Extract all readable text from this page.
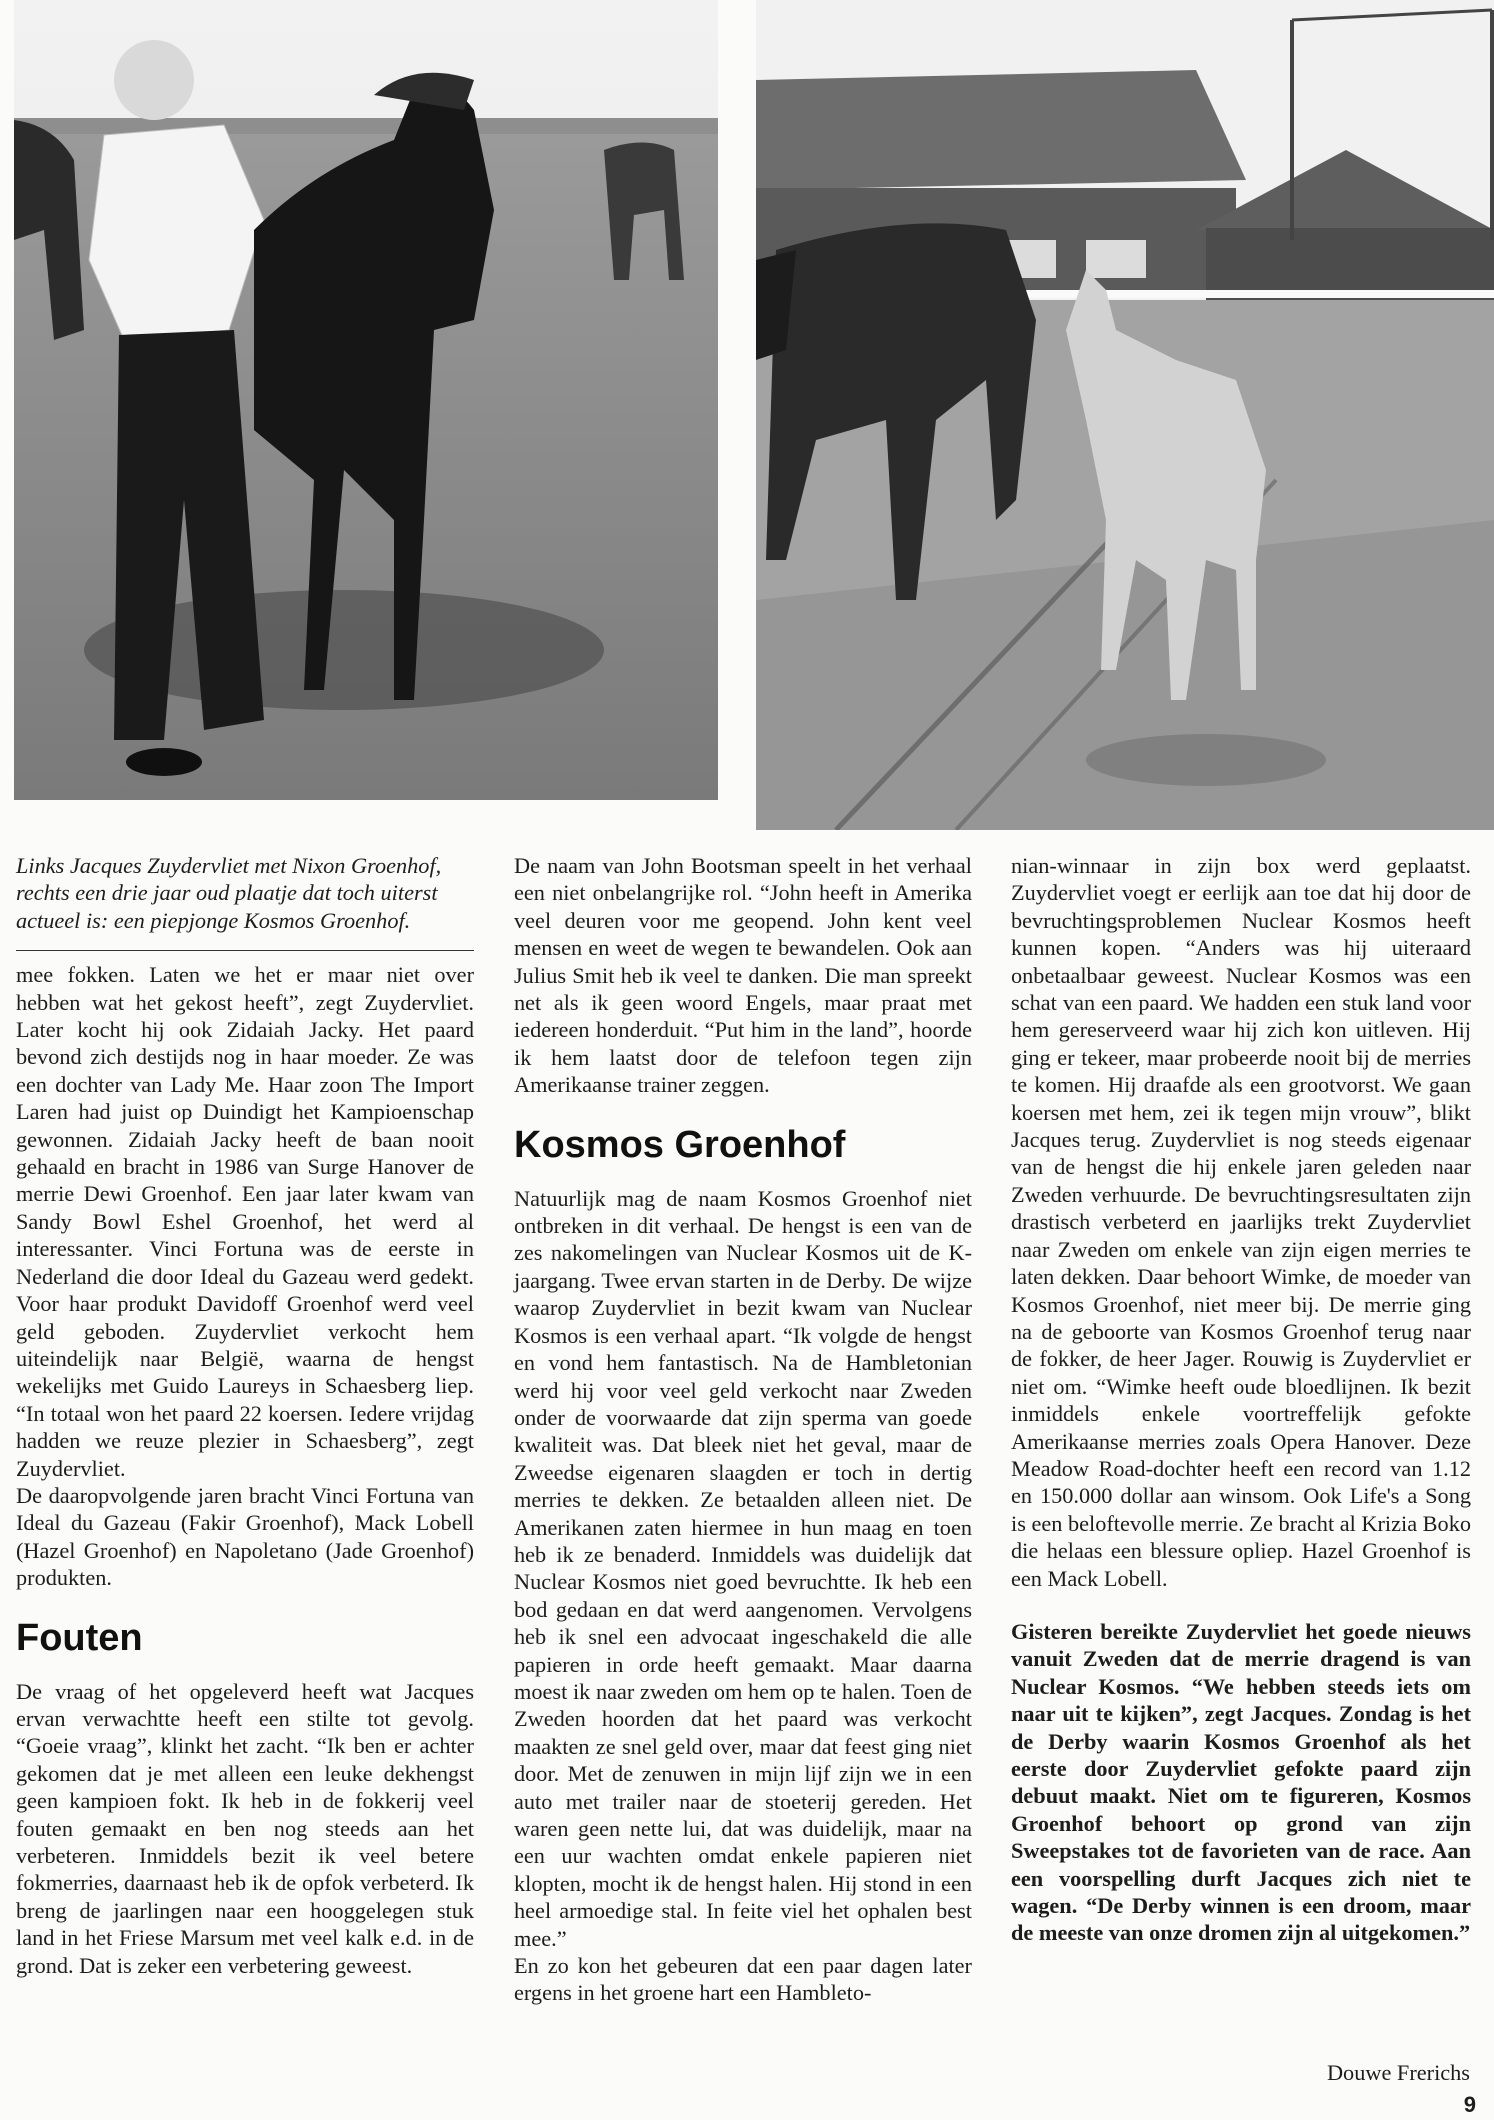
Links Jacques Zuydervliet met Nixon Groenhof, rechts een drie jaar oud plaatje dat toch uiterst actueel is: een piepjonge Kosmos Groenhof.

mee fokken. Laten we het er maar niet over hebben wat het gekost heeft”, zegt Zuydervliet. Later kocht hij ook Zidaiah Jacky. Het paard bevond zich destijds nog in haar moeder. Ze was een dochter van Lady Me. Haar zoon The Import Laren had juist op Duindigt het Kampioenschap gewonnen. Zidaiah Jacky heeft de baan nooit gehaald en bracht in 1986 van Surge Hanover de merrie Dewi Groenhof. Een jaar later kwam van Sandy Bowl Eshel Groenhof, het werd al interessanter. Vinci Fortuna was de eerste in Nederland die door Ideal du Gazeau werd gedekt. Voor haar produkt Davidoff Groenhof werd veel geld geboden. Zuydervliet verkocht hem uiteindelijk naar België, waarna de hengst wekelijks met Guido Laureys in Schaesberg liep. “In totaal won het paard 22 koersen. Iedere vrijdag hadden we reuze plezier in Schaesberg”, zegt Zuydervliet.

De daaropvolgende jaren bracht Vinci Fortuna van Ideal du Gazeau (Fakir Groenhof), Mack Lobell (Hazel Groenhof) en Napoletano (Jade Groenhof) produkten.

Fouten

De vraag of het opgeleverd heeft wat Jacques ervan verwachtte heeft een stilte tot gevolg. “Goeie vraag”, klinkt het zacht. “Ik ben er achter gekomen dat je met alleen een leuke dekhengst geen kampioen fokt. Ik heb in de fokkerij veel fouten gemaakt en ben nog steeds aan het verbeteren. Inmiddels bezit ik veel betere fokmerries, daarnaast heb ik de opfok verbeterd. Ik breng de jaarlingen naar een hooggelegen stuk land in het Friese Marsum met veel kalk e.d. in de grond. Dat is zeker een verbetering geweest.

De naam van John Bootsman speelt in het verhaal een niet onbelangrijke rol. “John heeft in Amerika veel deuren voor me geopend. John kent veel mensen en weet de wegen te bewandelen. Ook aan Julius Smit heb ik veel te danken. Die man spreekt net als ik geen woord Engels, maar praat met iedereen honderduit. “Put him in the land”, hoorde ik hem laatst door de telefoon tegen zijn Amerikaanse trainer zeggen.

Kosmos Groenhof

Natuurlijk mag de naam Kosmos Groenhof niet ontbreken in dit verhaal. De hengst is een van de zes nakomelingen van Nuclear Kosmos uit de K-jaargang. Twee ervan starten in de Derby. De wijze waarop Zuydervliet in bezit kwam van Nuclear Kosmos is een verhaal apart. “Ik volgde de hengst en vond hem fantastisch. Na de Hambletonian werd hij voor veel geld verkocht naar Zweden onder de voorwaarde dat zijn sperma van goede kwaliteit was. Dat bleek niet het geval, maar de Zweedse eigenaren slaagden er toch in dertig merries te dekken. Ze betaalden alleen niet. De Amerikanen zaten hiermee in hun maag en toen heb ik ze benaderd. Inmiddels was duidelijk dat Nuclear Kosmos niet goed bevruchtte. Ik heb een bod gedaan en dat werd aangenomen. Vervolgens heb ik snel een advocaat ingeschakeld die alle papieren in orde heeft gemaakt. Maar daarna moest ik naar zweden om hem op te halen. Toen de Zweden hoorden dat het paard was verkocht maakten ze snel geld over, maar dat feest ging niet door. Met de zenuwen in mijn lijf zijn we in een auto met trailer naar de stoeterij gereden. Het waren geen nette lui, dat was duidelijk, maar na een uur wachten omdat enkele papieren niet klopten, mocht ik de hengst halen. Hij stond in een heel armoedige stal. In feite viel het ophalen best mee.”

En zo kon het gebeuren dat een paar dagen later ergens in het groene hart een Hambleto-

nian-winnaar in zijn box werd geplaatst. Zuydervliet voegt er eerlijk aan toe dat hij door de bevruchtingsproblemen Nuclear Kosmos heeft kunnen kopen. “Anders was hij uiteraard onbetaalbaar geweest. Nuclear Kosmos was een schat van een paard. We hadden een stuk land voor hem gereserveerd waar hij zich kon uitleven. Hij ging er tekeer, maar probeerde nooit bij de merries te komen. Hij draafde als een grootvorst. We gaan koersen met hem, zei ik tegen mijn vrouw”, blikt Jacques terug. Zuydervliet is nog steeds eigenaar van de hengst die hij enkele jaren geleden naar Zweden verhuurde. De bevruchtingsresultaten zijn drastisch verbeterd en jaarlijks trekt Zuydervliet naar Zweden om enkele van zijn eigen merries te laten dekken. Daar behoort Wimke, de moeder van Kosmos Groenhof, niet meer bij. De merrie ging na de geboorte van Kosmos Groenhof terug naar de fokker, de heer Jager. Rouwig is Zuydervliet er niet om. “Wimke heeft oude bloedlijnen. Ik bezit inmiddels enkele voortreffelijk gefokte Amerikaanse merries zoals Opera Hanover. Deze Meadow Road-dochter heeft een record van 1.12 en 150.000 dollar aan winsom. Ook Life's a Song is een beloftevolle merrie. Ze bracht al Krizia Boko die helaas een blessure opliep. Hazel Groenhof is een Mack Lobell.

Gisteren bereikte Zuydervliet het goede nieuws vanuit Zweden dat de merrie dragend is van Nuclear Kosmos. “We hebben steeds iets om naar uit te kijken”, zegt Jacques. Zondag is het de Derby waarin Kosmos Groenhof als het eerste door Zuydervliet gefokte paard zijn debuut maakt. Niet om te figureren, Kosmos Groenhof behoort op grond van zijn Sweepstakes tot de favorieten van de race. Aan een voorspelling durft Jacques zich niet te wagen. “De Derby winnen is een droom, maar de meeste van onze dromen zijn al uitgekomen.”

Douwe Frerichs
9
